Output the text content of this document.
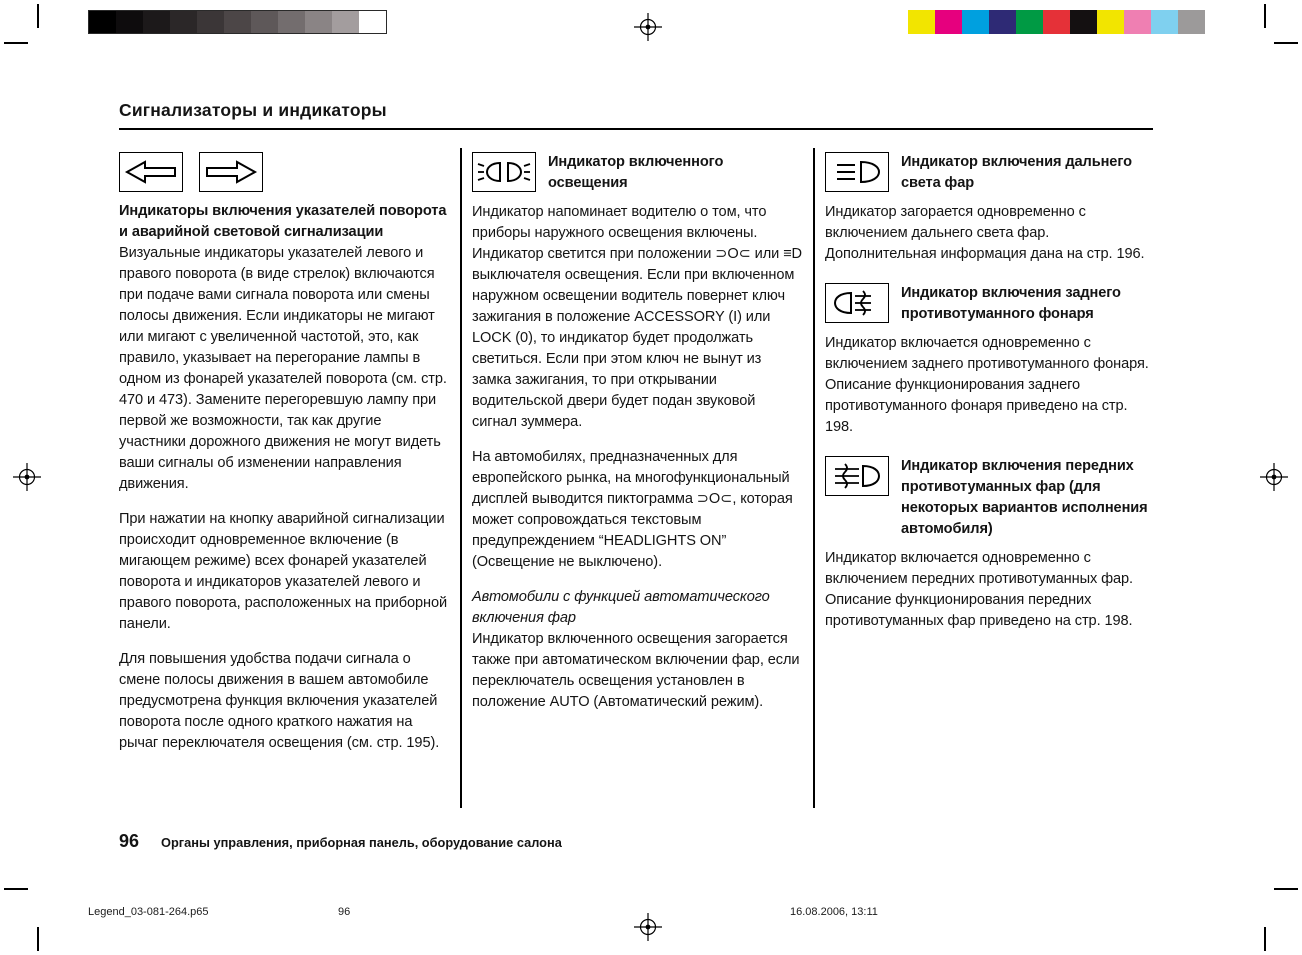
Сигнализаторы и индикаторы
Индикаторы включения указателей поворота и аварийной световой сигнализации

Визуальные индикаторы указателей левого и правого поворота (в виде стрелок) включаются при подаче вами сигнала поворота или смены полосы движения. Если индикаторы не мигают или мигают с увеличенной частотой, это, как правило, указывает на перегорание лампы в одном из фонарей указателей поворота (см. стр. 470 и 473). Замените перегоревшую лампу при первой же возможности, так как другие участники дорожного движения не могут видеть ваши сигналы об изменении направления движения.

При нажатии на кнопку аварийной сигнализации происходит одновременное включение (в мигающем режиме) всех фонарей указателей поворота и индикаторов указателей левого и правого поворота, расположенных на приборной панели.

Для повышения удобства подачи сигнала о смене полосы движения в вашем автомобиле предусмотрена функция включения указателей поворота после одного краткого нажатия на рычаг переключателя освещения (см. стр. 195).

Индикатор включенного освещения

Индикатор напоминает водителю о том, что приборы наружного освещения включены. Индикатор светится при положении ⊃O⊂ или ≡D выключателя освещения. Если при включенном наружном освещении водитель повернет ключ зажигания в положение ACCESSORY (I) или LOCK (0), то индикатор будет продолжать светиться. Если при этом ключ не вынут из замка зажигания, то при открывании водительской двери будет подан звуковой сигнал зуммера.

На автомобилях, предназначенных для европейского рынка, на многофункциональный дисплей выводится пиктограмма ⊃O⊂, которая может сопровождаться текстовым предупреждением “HEADLIGHTS ON” (Освещение не выключено).

Автомобили с функцией автоматического включения фар

Индикатор включенного освещения загорается также при автоматическом включении фар, если переключатель освещения установлен в положение AUTO (Автоматический режим).

Индикатор включения дальнего света фар

Индикатор загорается одновременно с включением дальнего света фар. Дополнительная информация дана на стр. 196.

Индикатор включения заднего противотуманного фонаря

Индикатор включается одновременно с включением заднего противотуманного фонаря. Описание функционирования заднего противотуманного фонаря приведено на стр. 198.

Индикатор включения передних противотуманных фар (для некоторых вариантов исполнения автомобиля)

Индикатор включается одновременно с включением передних противотуманных фар. Описание функционирования передних противотуманных фар приведено на стр. 198.

96 Органы управления, приборная панель, оборудование салона
Legend_03-081-264.p65	96	16.08.2006, 13:11
